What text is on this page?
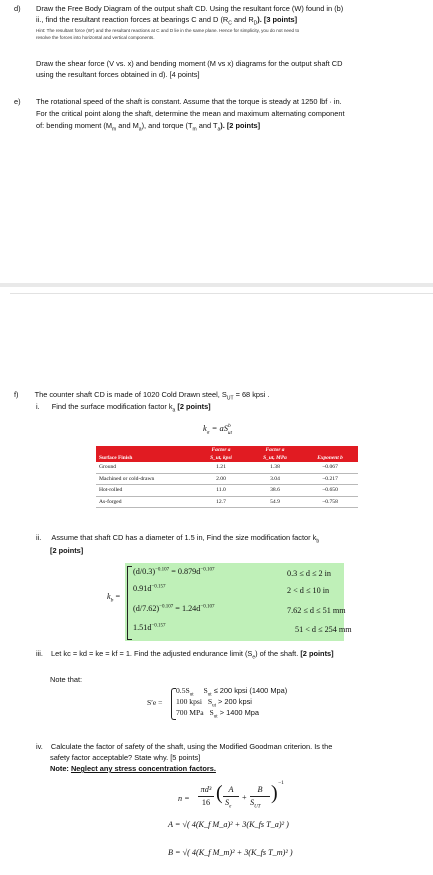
d) Draw the Free Body Diagram of the output shaft CD. Using the resultant force (W) found in (b)
ii., find the resultant reaction forces at bearings C and D ($R_C$ and $R_D$). [3 points]
Hint: The resultant force (W') and the resultant reactions at C and D lie in the same plane. Hence for simplicity, you do not need to
resolve the forces into horizontal and vertical components.
Draw the shear force (V vs. x) and bending moment (M vs x) diagrams for the output shaft CD
using the resultant forces obtained in d). [4 points]
e) The rotational speed of the shaft is constant. Assume that the torque is steady at 1250 lbf · in.
For the critical point along the shaft, determine the mean and maximum alternating component
of: bending moment ($M_m$ and $M_a$), and torque ($T_m$ and $T_a$). [2 points]
f) The counter shaft CD is made of 1020 Cold Drawn steel, $S_{UT} = 68$ kpsi .
i. Find the surface modification factor $k_a$ [2 points]
$k_a = aS^b_{ut}$
Surface Finish	Factor a	Factor a	Exponent b
	S_ut, kpsi	S_ut, MPa	
Ground	1.21	1.38	−0.067
Machined or cold-drawn	2.00	3.04	−0.217
Hot-rolled	11.0	38.6	−0.650
As-forged	12.7	54.9	−0.758
ii. Assume that shaft CD has a diameter of 1.5 in, Find the size modification factor $k_b$
[2 points]
$k_b$ =
$(d/0.3)^{-0.107} = 0.879d^{-0.107}$	0.3 ≤ d ≤ 2 in
$0.91d^{-0.157}$	2 < d ≤ 10 in
$(d/7.62)^{-0.107} = 1.24d^{-0.107}$	7.62 ≤ d ≤ 51 mm
$1.51d^{-0.157}$	51 < d ≤ 254 mm
iii. Let kc = kd = ke = kf = 1. Find the adjusted endurance limit $(S_e)$ of the shaft. [2 points]
Note that:
S′e =
$0.5S_{ut}$ $S_{ut} \le 200$ kpsi (1400 Mpa)
100 kpsi $S_{ut} > 200$ kpsi
700 MPa $S_{ut} > 1400$ Mpa
iv. Calculate the factor of safety of the shaft, using the Modified Goodman criterion. Is the
safety factor acceptable? State why. [5 points]
Note: Neglect any stress concentration factors.
n =
πd³
16 ( A
$S_e$
+
B
$S_{UT}$
) −1
A = √( 4(K_f M_a)² + 3(K_fs T_a)² )
B = √( 4(K_f M_m)² + 3(K_fs T_m)² )
